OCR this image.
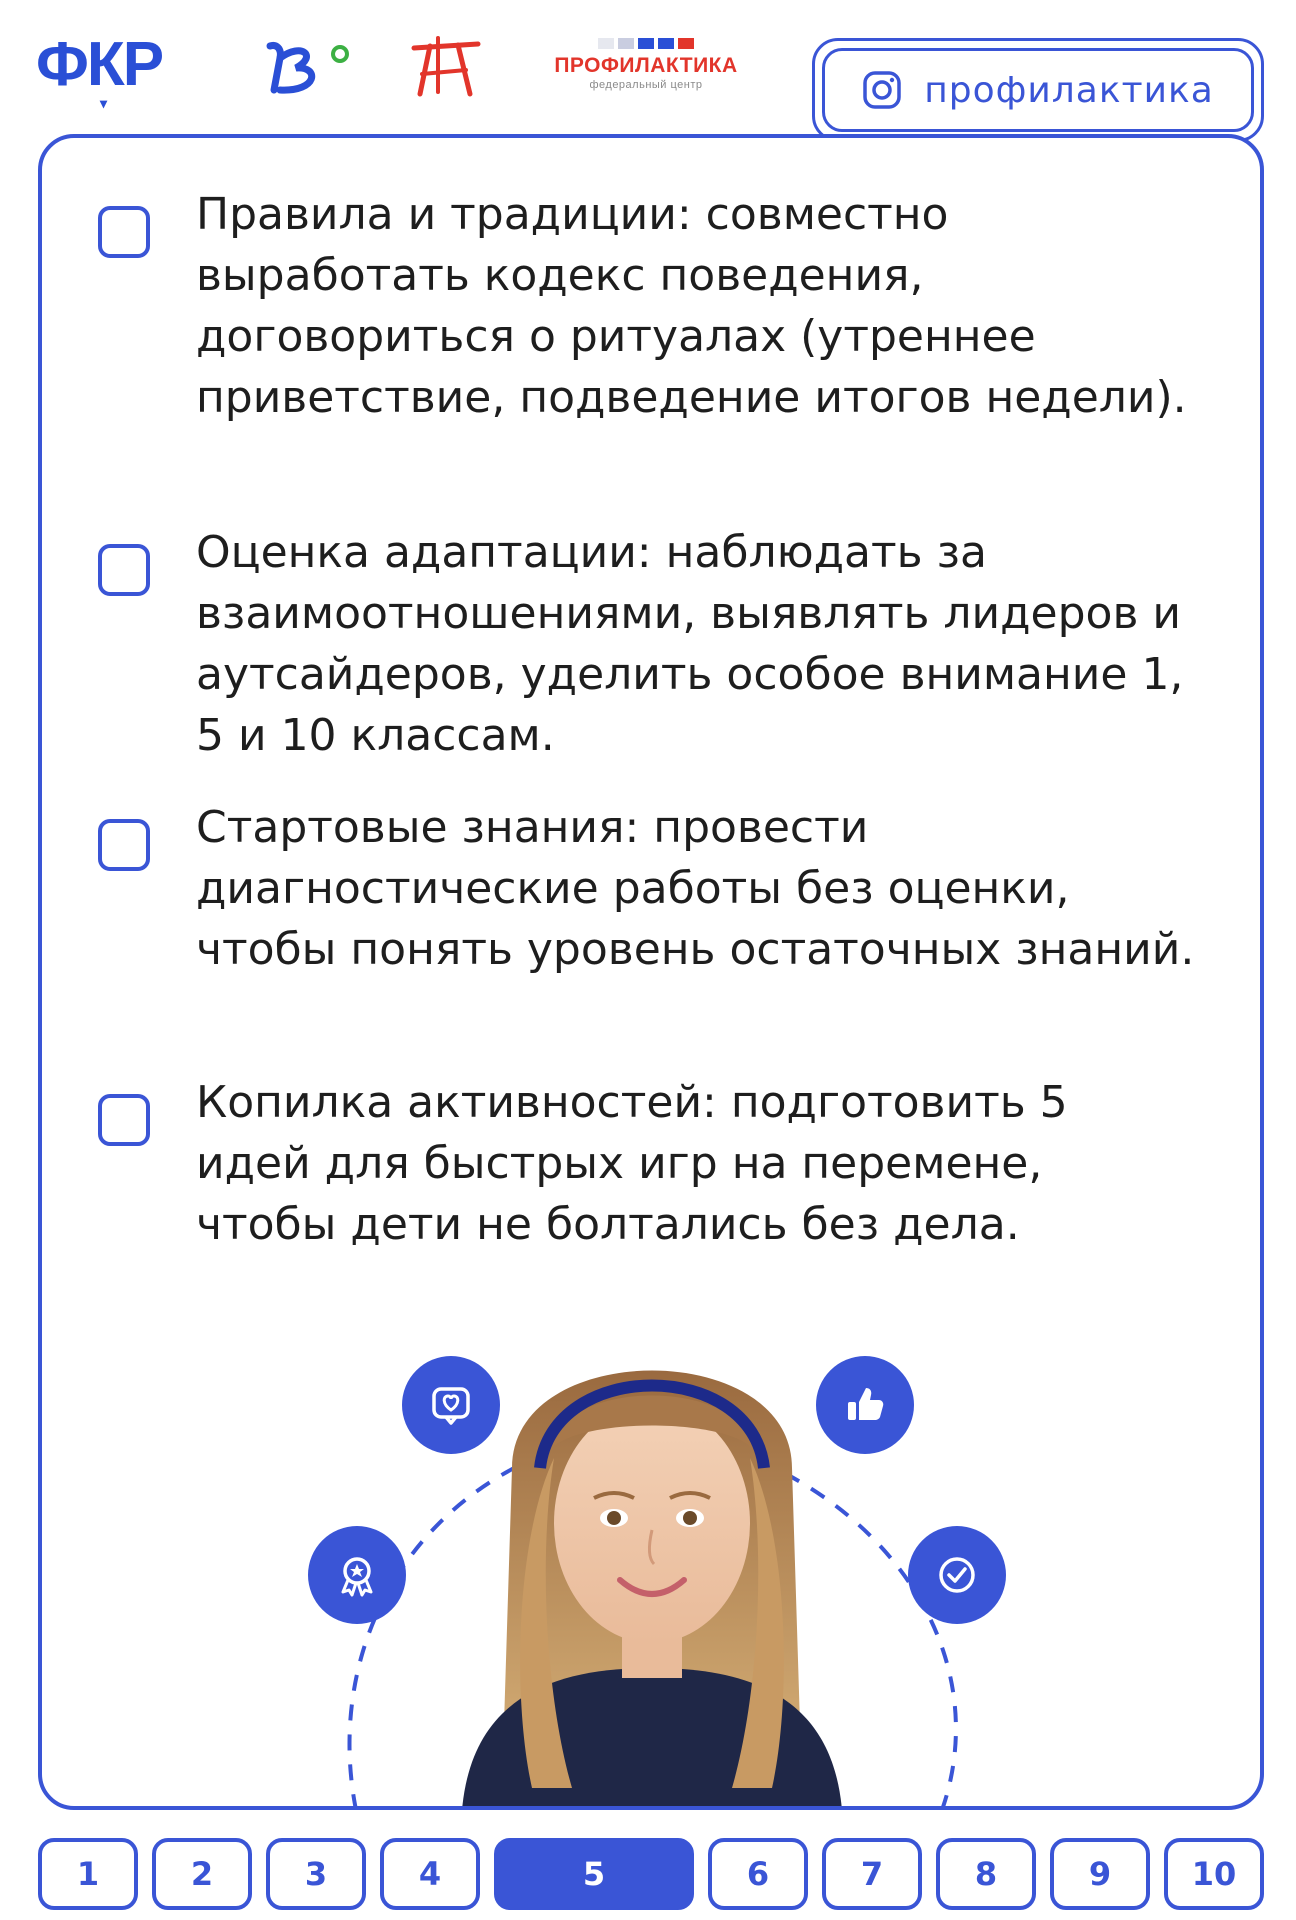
ФКР
▾
ПРОФИЛАКТИКА
федеральный центр	профилактика

Правила и традиции: совместно выработать кодекс поведения, договориться о ритуалах (утреннее приветствие, подведение итогов недели).

Оценка адаптации: наблюдать за взаимоотношениями, выявлять лидеров и аутсайдеров, уделить особое внимание 1, 5 и 10 классам.

Стартовые знания: провести диагностические работы без оценки, чтобы понять уровень остаточных знаний.

Копилка активностей: подготовить 5 идей для быстрых игр на перемене, чтобы дети не болтались без дела.

1	2	3	4	5	6	7	8	9	10
